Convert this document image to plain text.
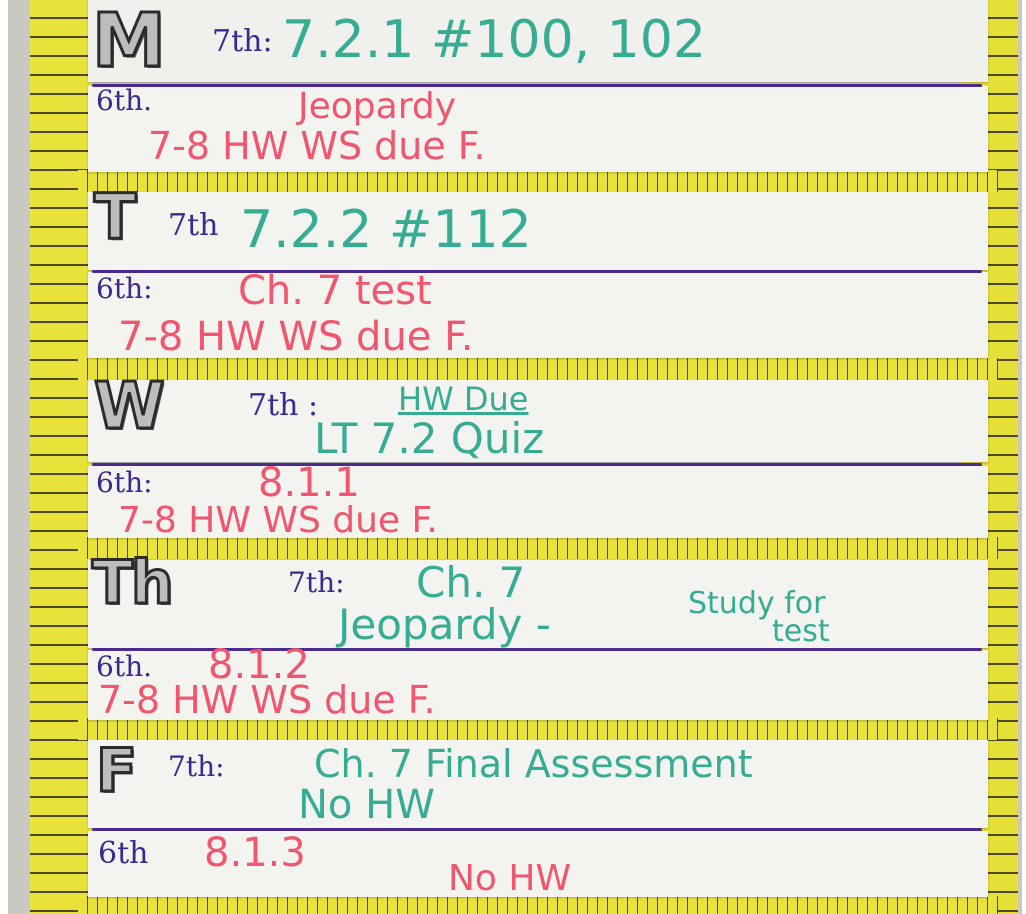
M 7th: 7.2.1 #100, 102
6th.	Jeopardy
7-8 HW WS due F.
T 7th 7.2.2 #112
6th: Ch. 7 test
7-8 HW WS due F.
W	7th : HW Due
LT 7.2 Quiz
6th:	8.1.1
7-8 HW WS due F.
Th	7th: Ch. 7
Jeopardy -	Study for
test
6th. 8.1.2
7-8 HW WS due F.
F 7th: Ch. 7 Final Assessment
No HW
6th 8.1.3
No HW
